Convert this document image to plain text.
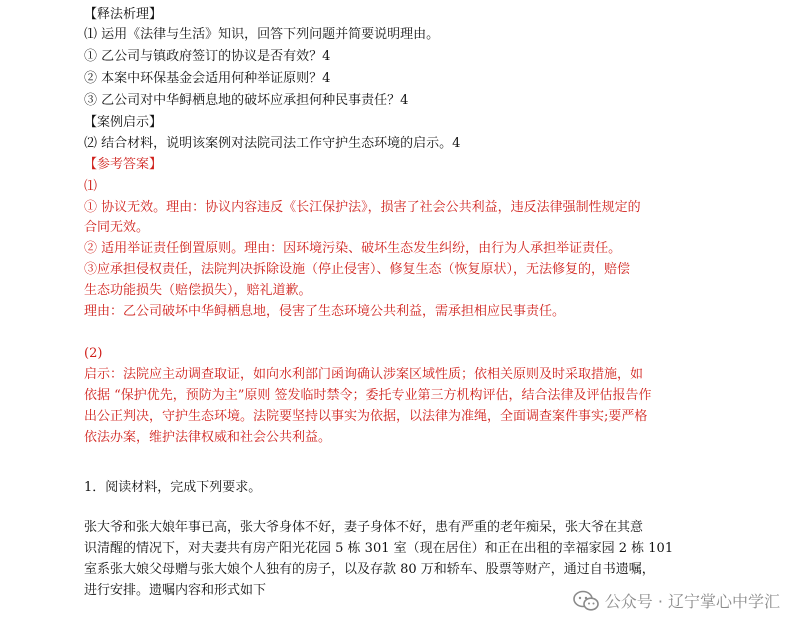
【释法析理】
⑴ 运用《法律与生活》知识，回答下列问题并简要说明理由。
① 乙公司与镇政府签订的协议是否有效？4
② 本案中环保基金会适用何种举证原则？4
③ 乙公司对中华鲟栖息地的破坏应承担何种民事责任？4
【案例启示】
⑵ 结合材料，说明该案例对法院司法工作守护生态环境的启示。4
【参考答案】
⑴
① 协议无效。理由：协议内容违反《长江保护法》，损害了社会公共利益，违反法律强制性规定的
合同无效。
② 适用举证责任倒置原则。理由：因环境污染、破坏生态发生纠纷，由行为人承担举证责任。
③应承担侵权责任，法院判决拆除设施（停止侵害）、修复生态（恢复原状），无法修复的，赔偿
生态功能损失（赔偿损失），赔礼道歉。
理由：乙公司破坏中华鲟栖息地，侵害了生态环境公共利益，需承担相应民事责任。
(2)
启示：法院应主动调查取证，如向水利部门函询确认涉案区域性质；依相关原则及时采取措施，如
依据 “保护优先，预防为主”原则 签发临时禁令；委托专业第三方机构评估，结合法律及评估报告作
出公正判决，守护生态环境。法院要坚持以事实为依据，以法律为准绳，全面调查案件事实;要严格
依法办案，维护法律权威和社会公共利益。
1．阅读材料，完成下列要求。
张大爷和张大娘年事已高，张大爷身体不好，妻子身体不好，患有严重的老年痴呆，张大爷在其意
识清醒的情况下，对夫妻共有房产阳光花园 5 栋 301 室（现在居住）和正在出租的幸福家园 2 栋 101
室系张大娘父母赠与张大娘个人独有的房子，以及存款 80 万和轿车、股票等财产，通过自书遗嘱，
进行安排。遗嘱内容和形式如下
公众号 · 辽宁掌心中学汇
